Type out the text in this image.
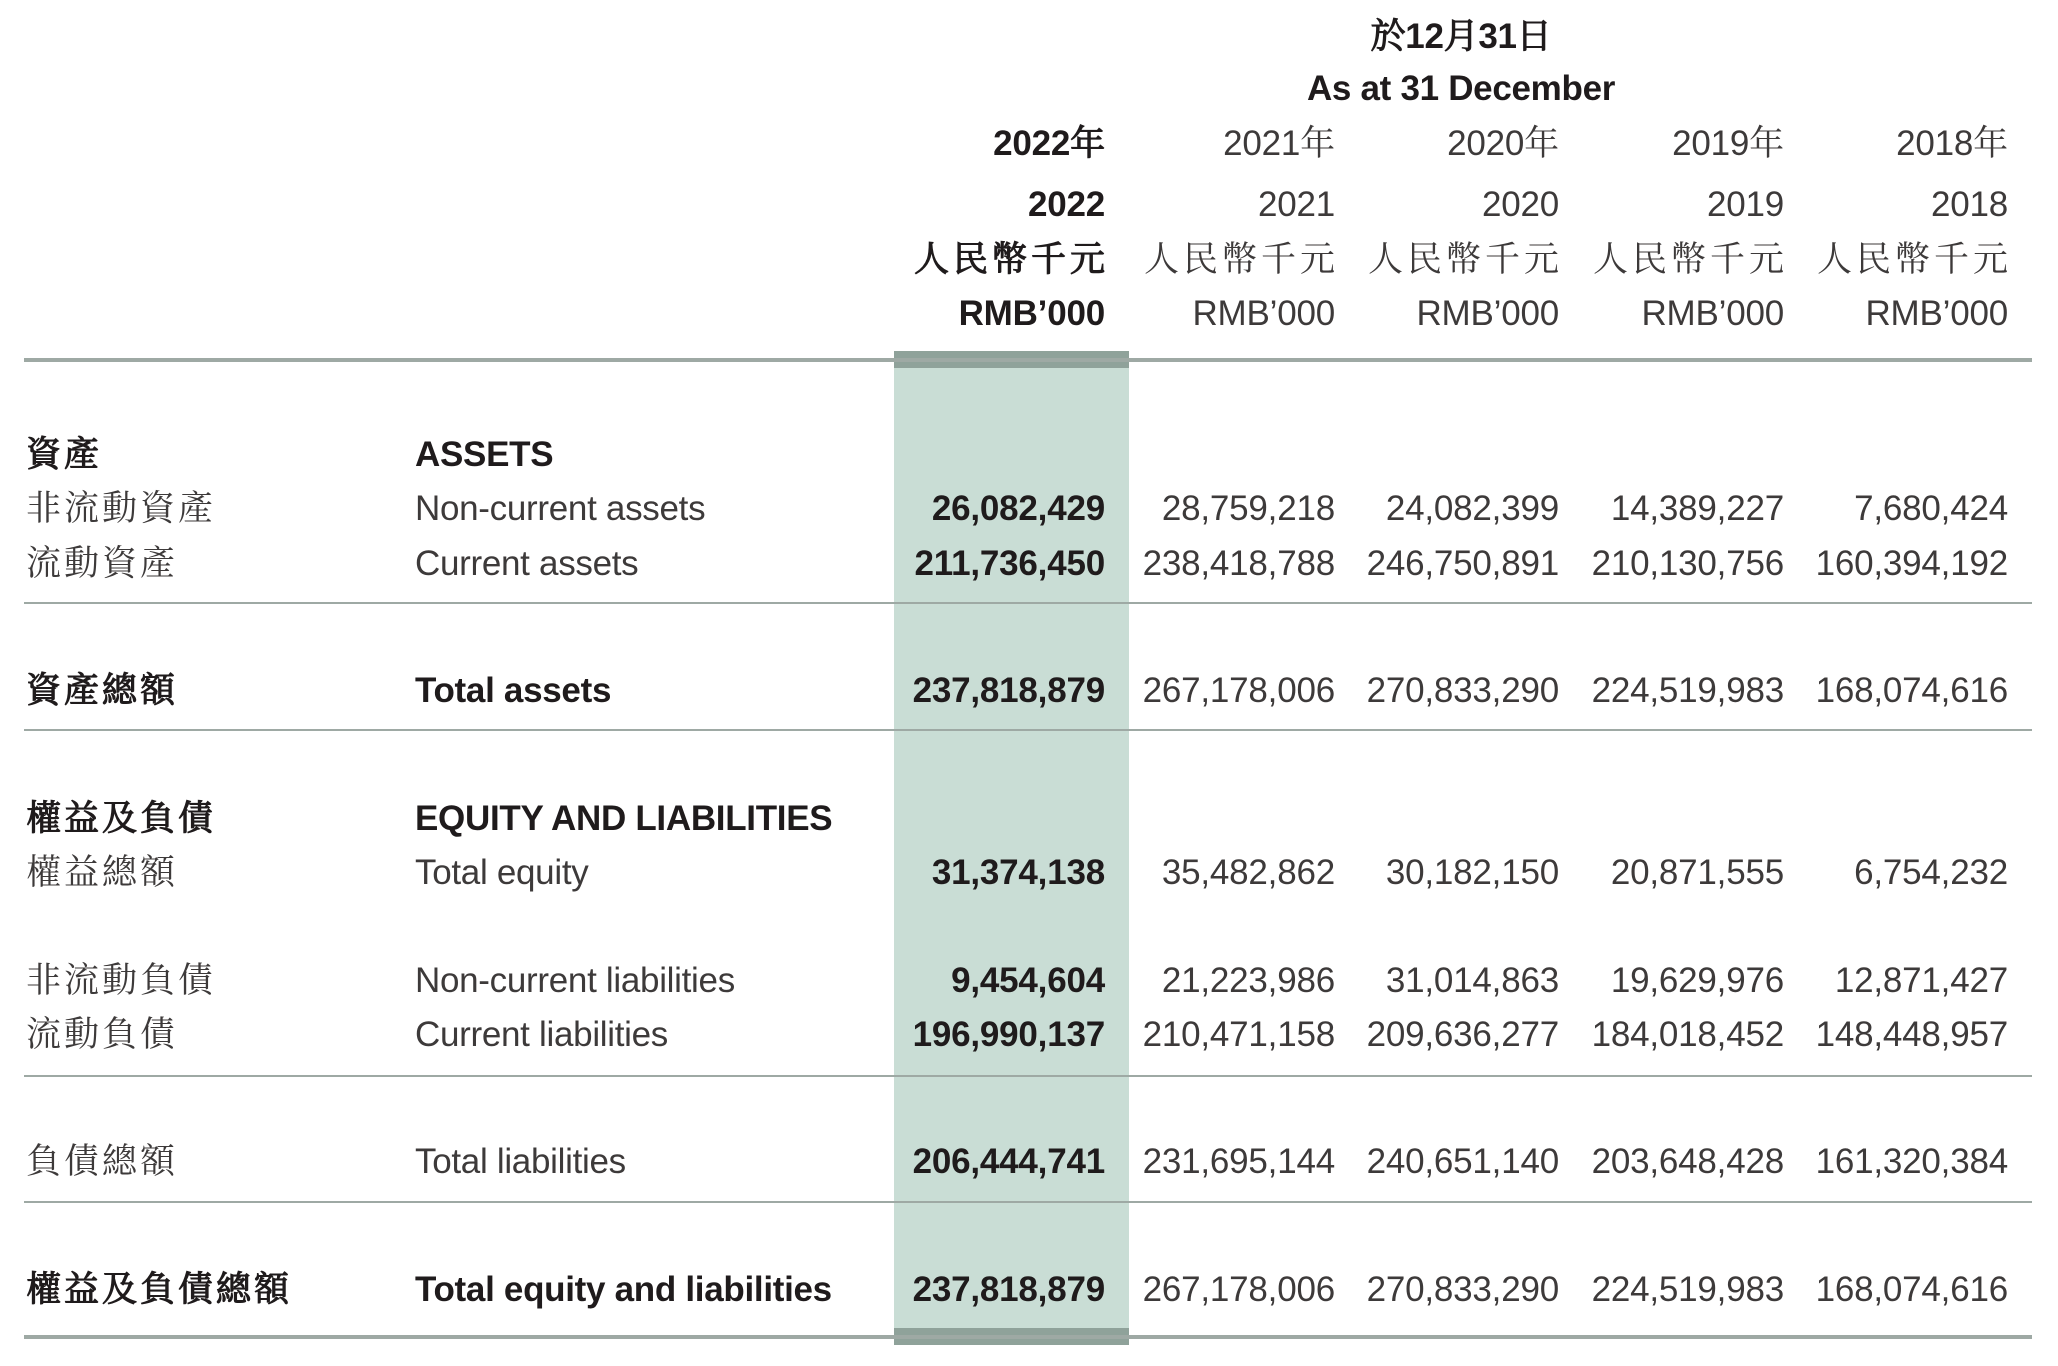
於12月31日
As at 31 December
2022年	2021年	2020年	2019年	2018年
2022	2021	2020	2019	2018
人民幣千元 人民幣千元 人民幣千元 人民幣千元 人民幣千元
RMB’000	RMB’000	RMB’000	RMB’000	RMB’000
資產	ASSETS
非流動資產	Non-current assets	26,082,429	28,759,218	24,082,399	14,389,227	7,680,424
流動資產	Current assets	211,736,450	238,418,788 246,750,891 210,130,756 160,394,192
資產總額	Total assets	237,818,879	267,178,006 270,833,290 224,519,983 168,074,616
權益及負債	EQUITY AND LIABILITIES
權益總額	Total equity	31,374,138	35,482,862	30,182,150	20,871,555	6,754,232
非流動負債	Non-current liabilities	9,454,604	21,223,986	31,014,863	19,629,976	12,871,427
流動負債	Current liabilities	196,990,137	210,471,158 209,636,277 184,018,452 148,448,957
負債總額	Total liabilities	206,444,741	231,695,144 240,651,140 203,648,428 161,320,384
權益及負債總額	Total equity and liabilities	237,818,879	267,178,006 270,833,290 224,519,983 168,074,616
